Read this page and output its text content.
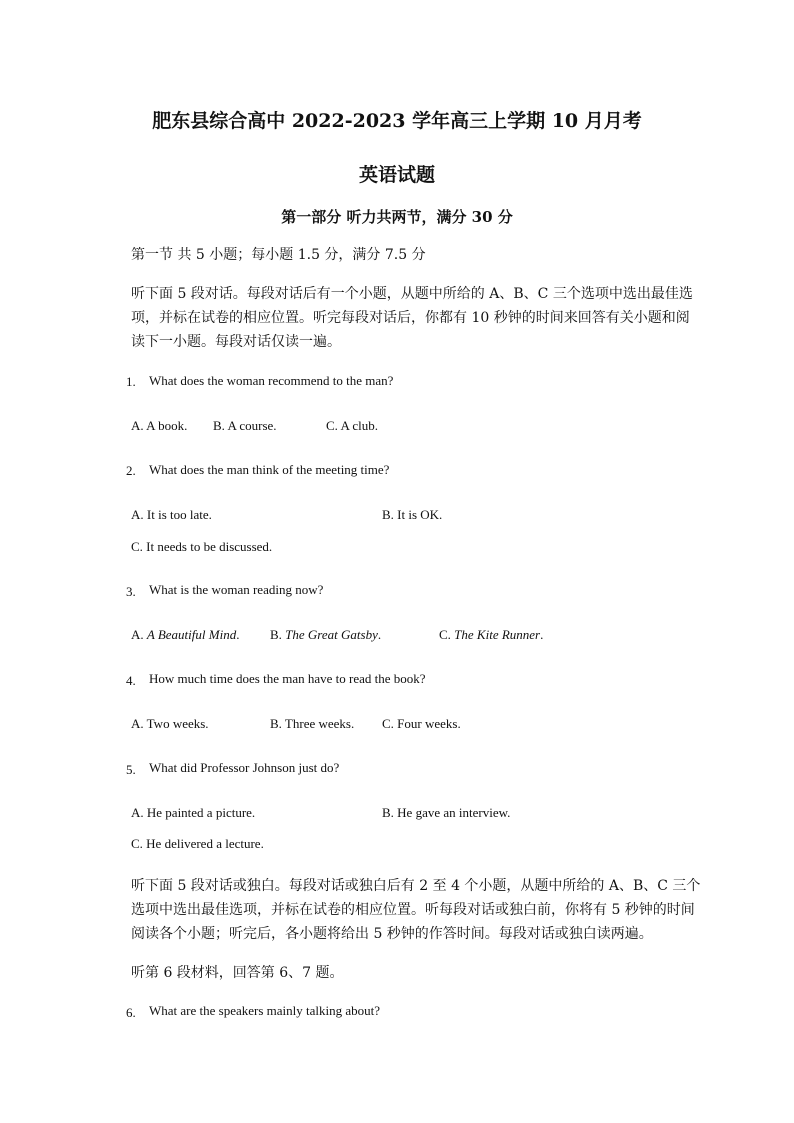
肥东县综合高中 2022-2023 学年高三上学期 10 月月考
英语试题
第一部分 听力共两节，满分 30 分
第一节 共 5 小题；每小题 1.5 分，满分 7.5 分
听下面 5 段对话。每段对话后有一个小题，从题中所给的 A、B、C 三个选项中选出最佳选项，并标在试卷的相应位置。听完每段对话后，你都有 10 秒钟的时间来回答有关小题和阅读下一小题。每段对话仅读一遍。
1. What does the woman recommend to the man?
A. A book. B. A course.	C. A club.
2. What does the man think of the meeting time?
A. It is too late.	B. It is OK.
C. It needs to be discussed.
3. What is the woman reading now?
A. A Beautiful Mind. B. The Great Gatsby.	C. The Kite Runner.
4. How much time does the man have to read the book?
A. Two weeks.	B. Three weeks. C. Four weeks.
5. What did Professor Johnson just do?
A. He painted a picture.	B. He gave an interview.
C. He delivered a lecture.
听下面 5 段对话或独白。每段对话或独白后有 2 至 4 个小题，从题中所给的 A、B、C 三个选项中选出最佳选项，并标在试卷的相应位置。听每段对话或独白前，你将有 5 秒钟的时间阅读各个小题；听完后，各小题将给出 5 秒钟的作答时间。每段对话或独白读两遍。
听第 6 段材料，回答第 6、7 题。
6. What are the speakers mainly talking about?
